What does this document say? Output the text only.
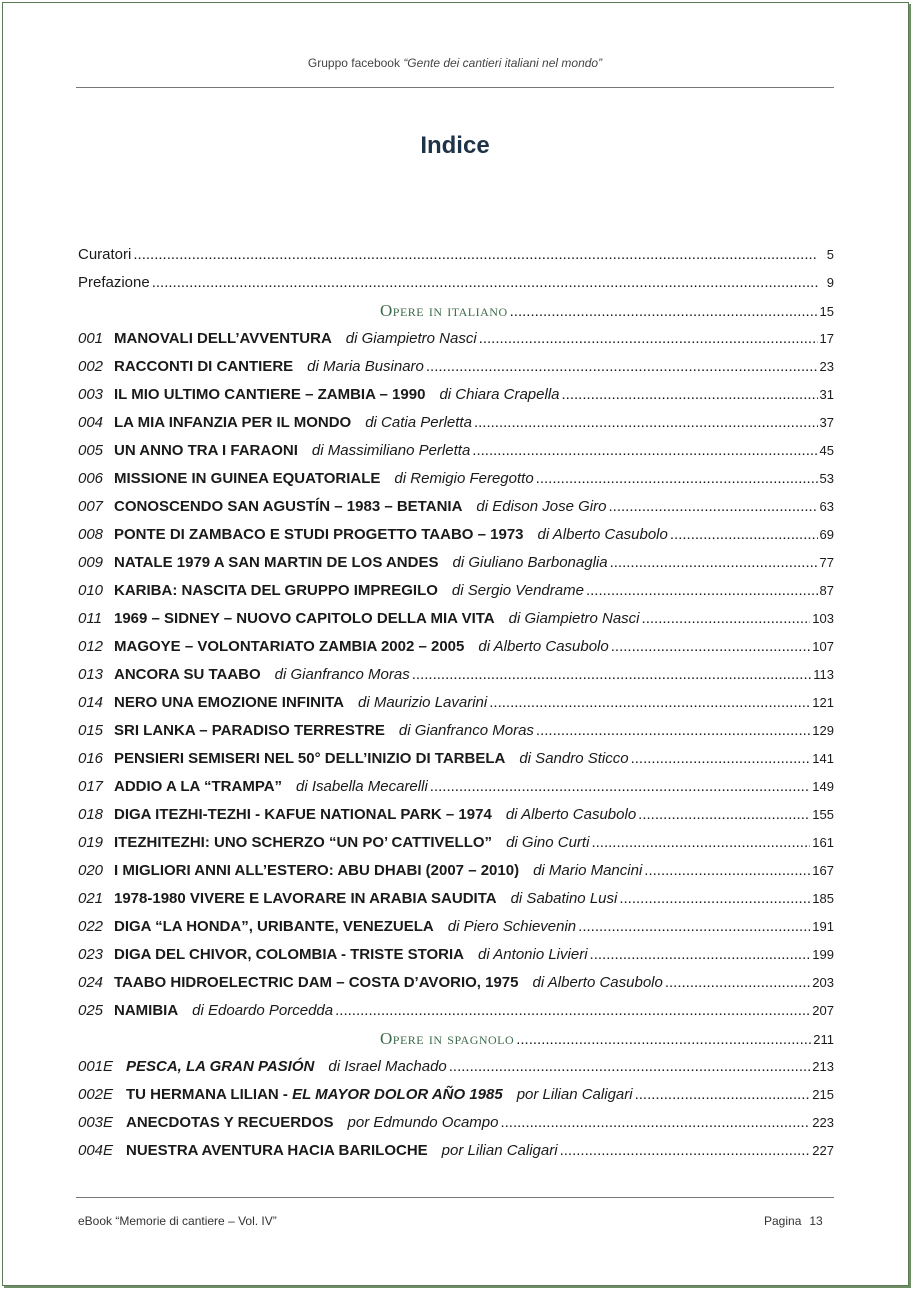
Gruppo facebook “Gente dei cantieri italiani nel mondo”
Indice
Curatori .....	5
Prefazione .....	9
Opere in italiano .....	15
001 MANOVALI DELL’AVVENTURA di Giampietro Nasci .....	17
002 RACCONTI DI CANTIERE di Maria Businaro .....	23
003 IL MIO ULTIMO CANTIERE – ZAMBIA – 1990 di Chiara Crapella .....	31
004 LA MIA INFANZIA PER IL MONDO di Catia Perletta .....	37
005 UN ANNO TRA I FARAONI di Massimiliano Perletta .....	45
006 MISSIONE IN GUINEA EQUATORIALE di Remigio Feregotto .....	53
007 CONOSCENDO SAN AGUSTÍN – 1983 – BETANIA di Edison Jose Giro .....	63
008 PONTE DI ZAMBACO E STUDI PROGETTO TAABO – 1973 di Alberto Casubolo .....	69
009 NATALE 1979 A SAN MARTIN DE LOS ANDES di Giuliano Barbonaglia .....	77
010 KARIBA: NASCITA DEL GRUPPO IMPREGILO di Sergio Vendrame .....	87
011 1969 – SIDNEY – NUOVO CAPITOLO DELLA MIA VITA di Giampietro Nasci .....	103
012 MAGOYE – VOLONTARIATO ZAMBIA 2002 – 2005 di Alberto Casubolo .....	107
013 ANCORA SU TAABO di Gianfranco Moras .....	113
014 NERO UNA EMOZIONE INFINITA di Maurizio Lavarini .....	121
015 SRI LANKA – PARADISO TERRESTRE di Gianfranco Moras .....	129
016 PENSIERI SEMISERI NEL 50° DELL’INIZIO DI TARBELA di Sandro Sticco .....	141
017 ADDIO A LA “TRAMPA” di Isabella Mecarelli .....	149
018 DIGA ITEZHI-TEZHI - KAFUE NATIONAL PARK – 1974 di Alberto Casubolo .....	155
019 ITEZHITEZHI: UNO SCHERZO “UN PO’ CATTIVELLO” di Gino Curti .....	161
020 I MIGLIORI ANNI ALL’ESTERO: ABU DHABI (2007 – 2010) di Mario Mancini .....	167
021 1978-1980 VIVERE E LAVORARE IN ARABIA SAUDITA di Sabatino Lusi .....	185
022 DIGA “LA HONDA”, URIBANTE, VENEZUELA di Piero Schievenin .....	191
023 DIGA DEL CHIVOR, COLOMBIA - TRISTE STORIA di Antonio Livieri .....	199
024 TAABO HIDROELECTRIC DAM – COSTA D’AVORIO, 1975 di Alberto Casubolo .....	203
025 NAMIBIA di Edoardo Porcedda .....	207
Opere in spagnolo .....	211
001E PESCA, LA GRAN PASIÓN di Israel Machado .....	213
002E TU HERMANA LILIAN - EL MAYOR DOLOR AÑO 1985 por Lilian Caligari .....	215
003E ANECDOTAS Y RECUERDOS por Edmundo Ocampo .....	223
004E NUESTRA AVENTURA HACIA BARILOCHE por Lilian Caligari .....	227
eBook “Memorie di cantiere – Vol. IV”	Pagina 13
